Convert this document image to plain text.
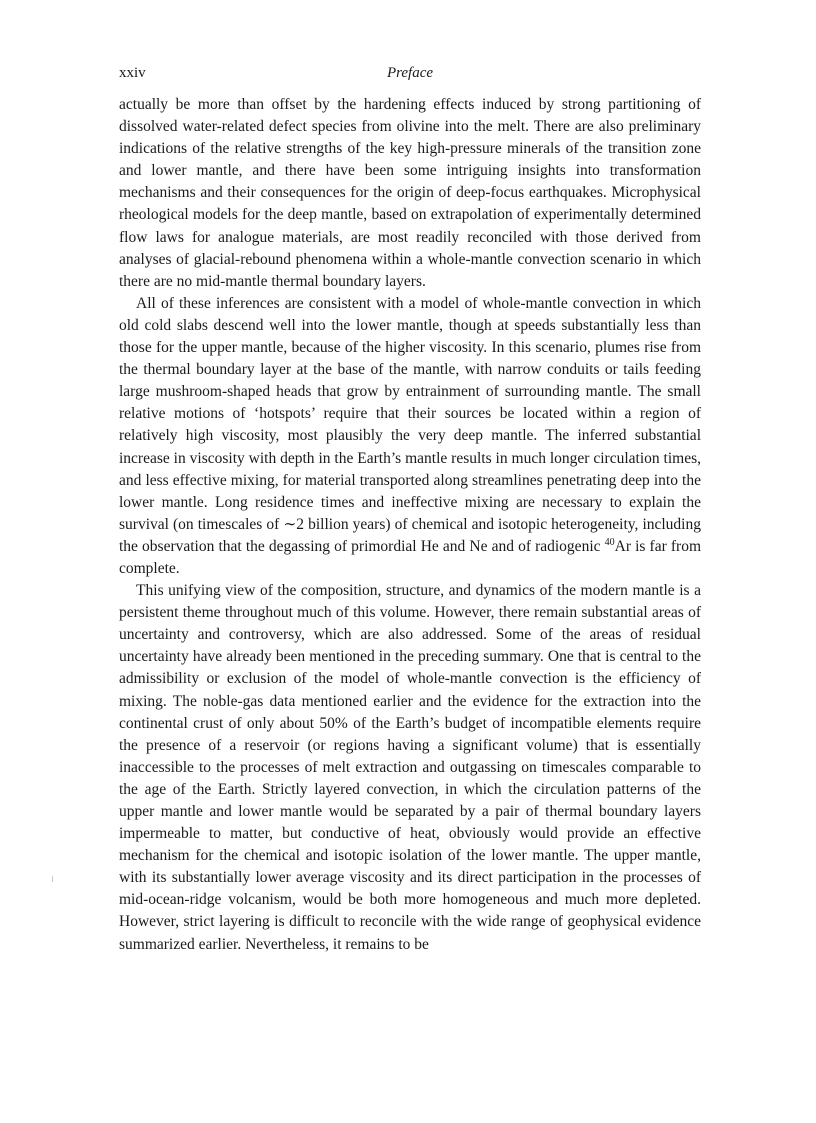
xxiv	Preface

actually be more than offset by the hardening effects induced by strong partitioning of dissolved water-related defect species from olivine into the melt. There are also preliminary indications of the relative strengths of the key high-pressure minerals of the transition zone and lower mantle, and there have been some intriguing insights into transformation mechanisms and their consequences for the origin of deep-focus earthquakes. Microphysical rheological models for the deep mantle, based on extrapolation of experimentally determined flow laws for analogue materials, are most readily reconciled with those derived from analyses of glacial-rebound phenomena within a whole-mantle convection scenario in which there are no mid-mantle thermal boundary layers.

All of these inferences are consistent with a model of whole-mantle convection in which old cold slabs descend well into the lower mantle, though at speeds substantially less than those for the upper mantle, because of the higher viscosity. In this scenario, plumes rise from the thermal boundary layer at the base of the mantle, with narrow conduits or tails feeding large mushroom-shaped heads that grow by entrainment of surrounding mantle. The small relative motions of ‘hotspots’ require that their sources be located within a region of relatively high viscosity, most plausibly the very deep mantle. The inferred substantial increase in viscosity with depth in the Earth’s mantle results in much longer circulation times, and less effective mixing, for material transported along streamlines penetrating deep into the lower mantle. Long residence times and ineffective mixing are necessary to explain the survival (on timescales of ∼2 billion years) of chemical and isotopic heterogeneity, including the observation that the degassing of primordial He and Ne and of radiogenic $^{40}$Ar is far from complete.

This unifying view of the composition, structure, and dynamics of the modern mantle is a persistent theme throughout much of this volume. However, there remain substantial areas of uncertainty and controversy, which are also addressed. Some of the areas of residual uncertainty have already been mentioned in the preceding summary. One that is central to the admissibility or exclusion of the model of whole-mantle convection is the efficiency of mixing. The noble-gas data mentioned earlier and the evidence for the extraction into the continental crust of only about 50% of the Earth’s budget of incompatible elements require the presence of a reservoir (or regions having a significant volume) that is essentially inaccessible to the processes of melt extraction and outgassing on timescales comparable to the age of the Earth. Strictly layered convection, in which the circulation patterns of the upper mantle and lower mantle would be separated by a pair of thermal boundary layers impermeable to matter, but conductive of heat, obviously would provide an effective mechanism for the chemical and isotopic isolation of the lower mantle. The upper mantle, with its substantially lower average viscosity and its direct participation in the processes of mid-ocean-ridge volcanism, would be both more homogeneous and much more depleted. However, strict layering is difficult to reconcile with the wide range of geophysical evidence summarized earlier. Nevertheless, it remains to be
